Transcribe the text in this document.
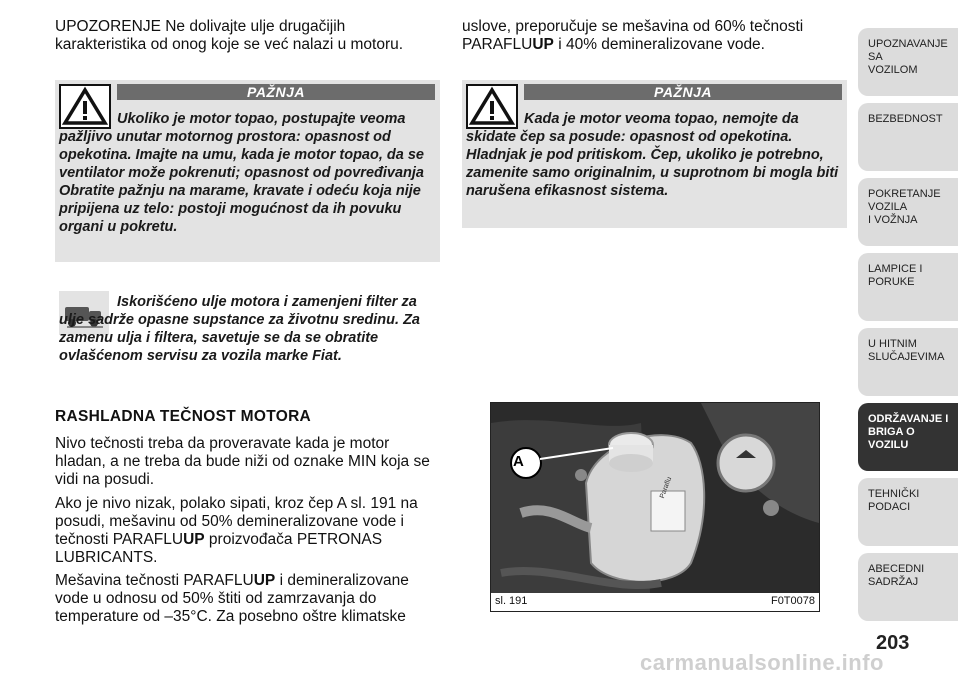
UPOZORENJE Ne dolivajte ulje drugačijih karakteristika od onog koje se već nalazi u motoru.
PAŽNJA
Ukoliko je motor topao, postupajte veoma pažljivo unutar motornog prostora: opasnost od opekotina. Imajte na umu, kada je motor topao, da se ventilator može pokrenuti; opasnost od povređivanja Obratite pažnju na marame, kravate i odeću koja nije pripijena uz telo: postoji mogućnost da ih povuku organi u pokretu.
Iskorišćeno ulje motora i zamenjeni filter za ulje sadrže opasne supstance za životnu sredinu. Za zamenu ulja i filtera, savetuje se da se obratite ovlašćenom servisu za vozila marke Fiat.
RASHLADNA TEČNOST MOTORA
Nivo tečnosti treba da proveravate kada je motor hladan, a ne treba da bude niži od oznake MIN koja se vidi na posudi.
Ako je nivo nizak, polako sipati, kroz čep A sl. 191 na posudi, mešavinu od 50% demineralizovane vode i tečnosti PARAFLUUP proizvođača PETRONAS LUBRICANTS.
Mešavina tečnosti PARAFLUUP i demineralizovane vode u odnosu od 50% štiti od zamrzavanja do temperature od –35°C. Za posebno oštre klimatske
uslove, preporučuje se mešavina od 60% tečnosti PARAFLUUP i 40% demineralizovane vode.
PAŽNJA
Kada je motor veoma topao, nemojte da skidate čep sa posude: opasnost od opekotina. Hladnjak je pod pritiskom. Čep, ukoliko je potrebno, zamenite samo originalnim, u suprotnom bi mogla biti narušena efikasnost sistema.
A
Paraflu
sl. 191	F0T0078
UPOZNAVANJE SA
VOZILOM
BEZBEDNOST
POKRETANJE VOZILA
I VOŽNJA
LAMPICE I PORUKE
U HITNIM
SLUČAJEVIMA
ODRŽAVANJE I
BRIGA O VOZILU
TEHNIČKI PODACI
ABECEDNI SADRŽAJ
203
carmanualsonline.info
